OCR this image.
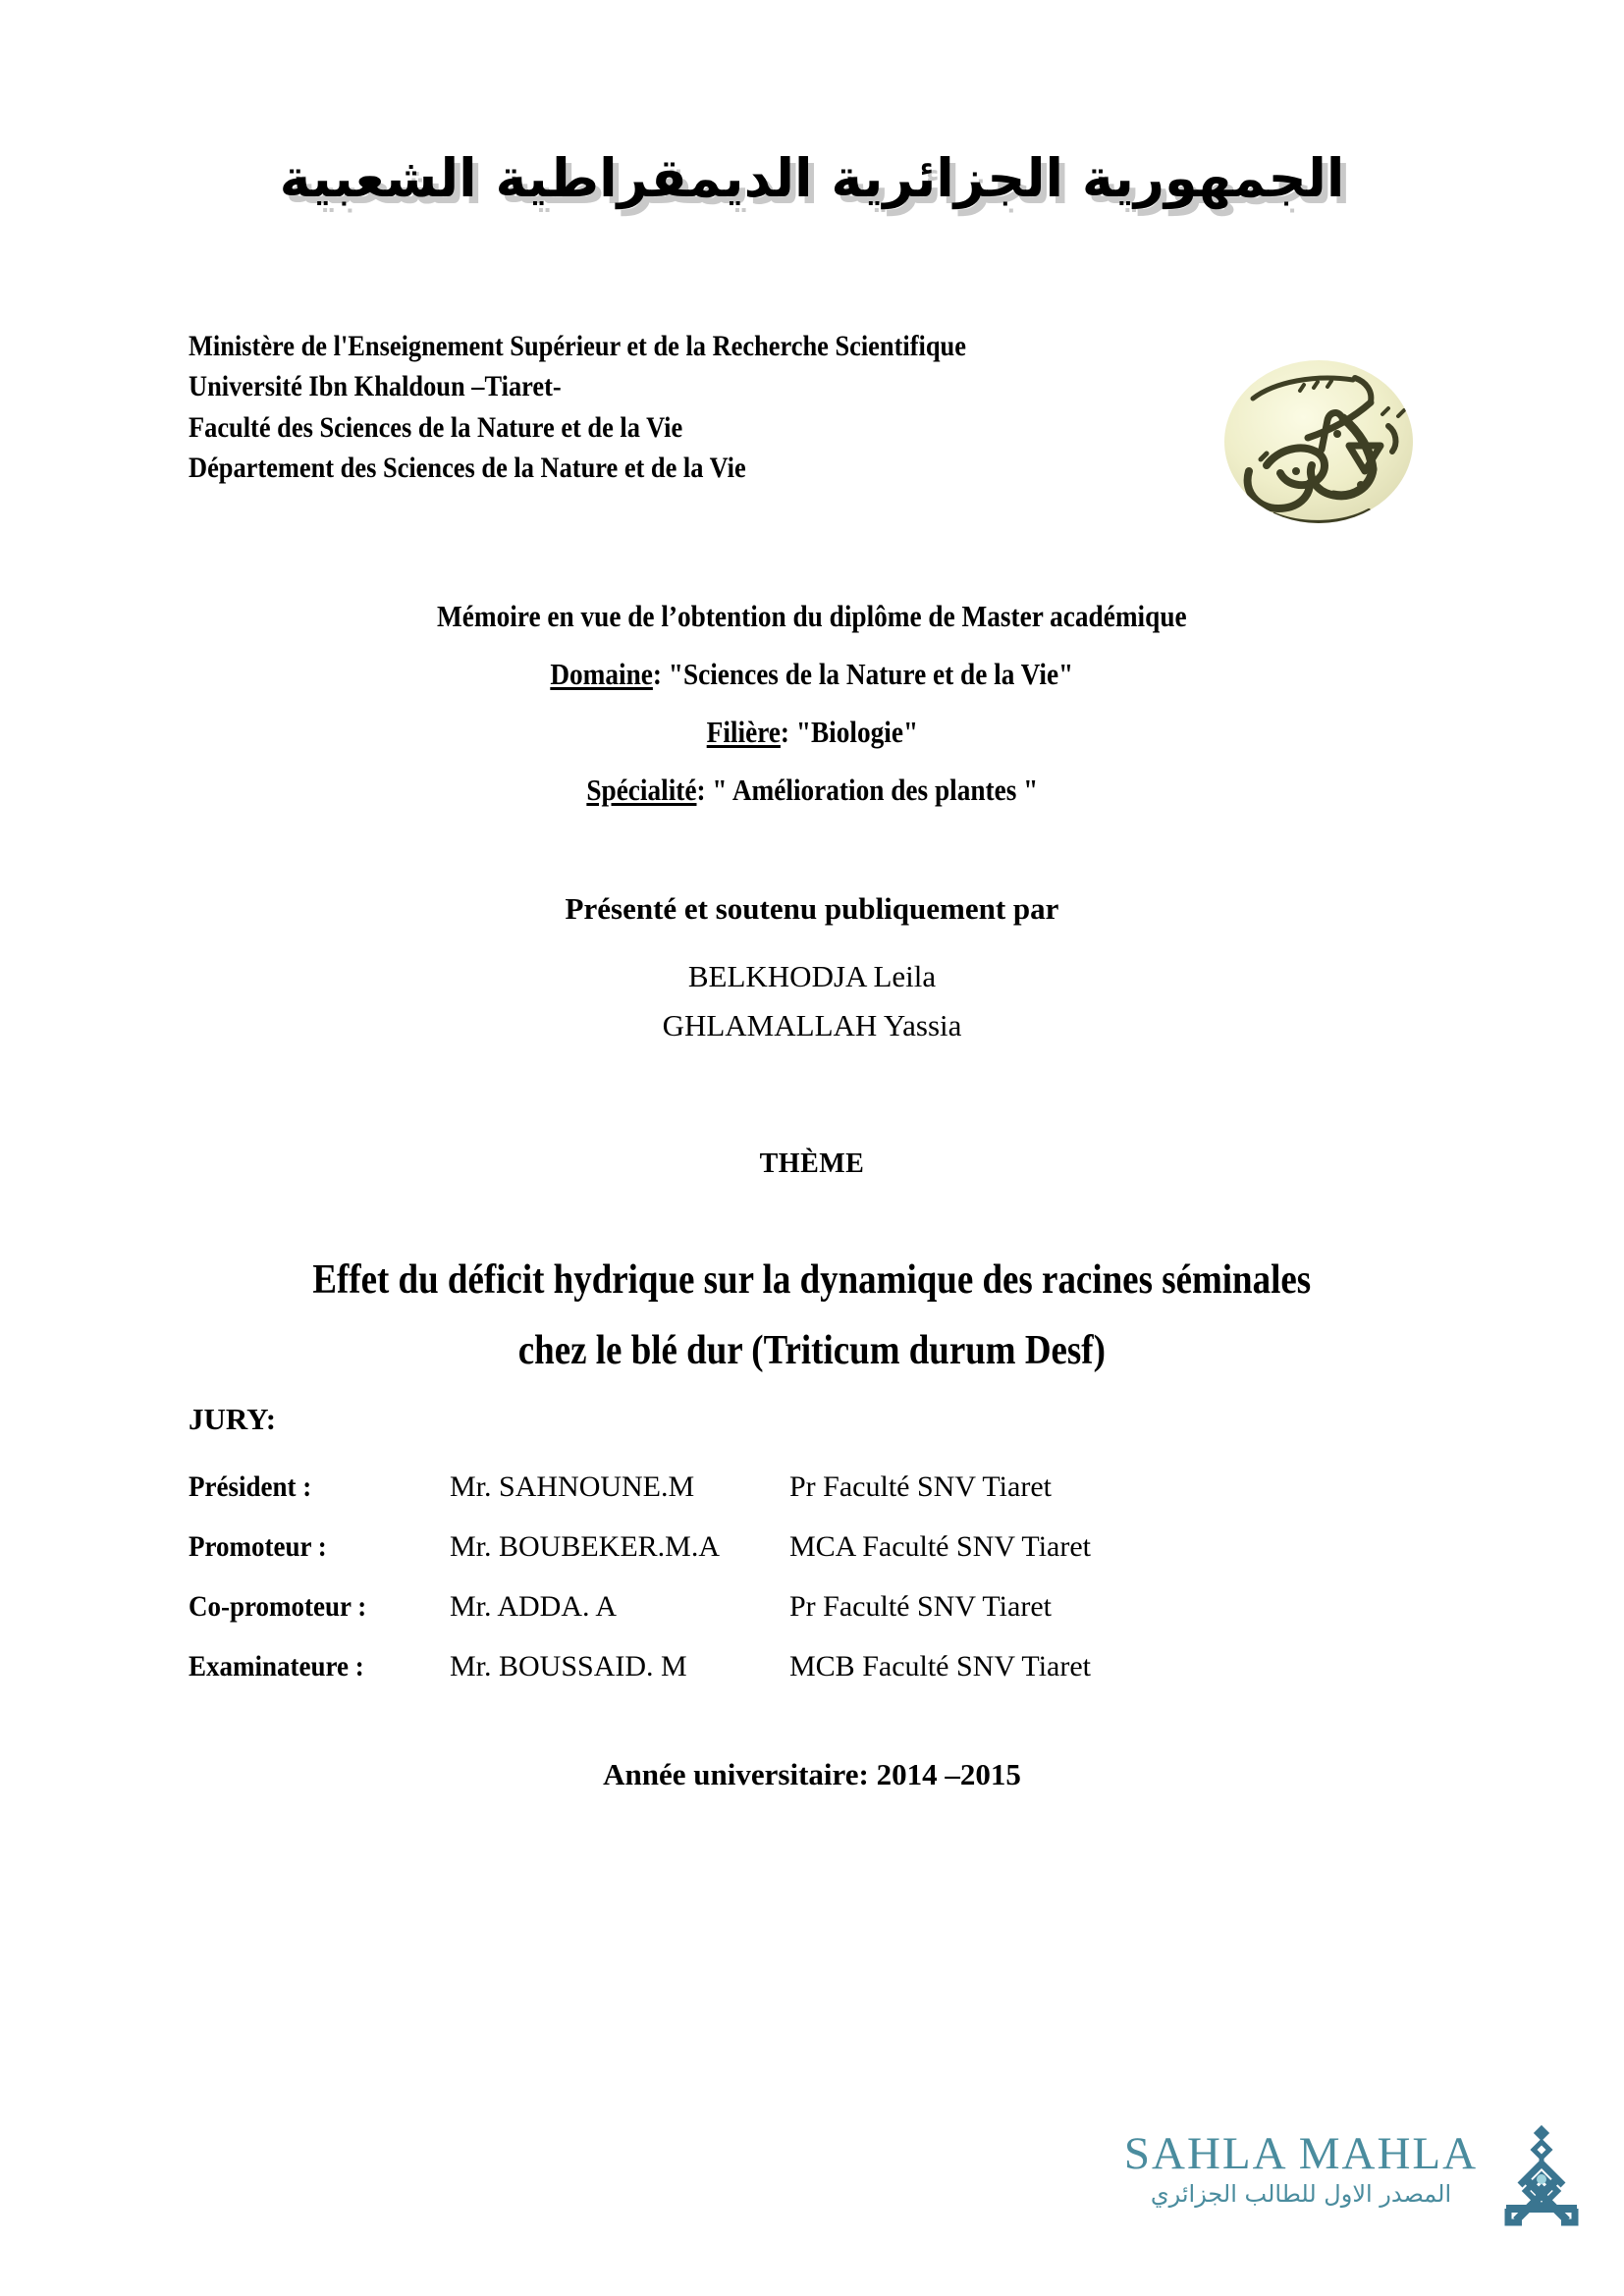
الجمهورية الجزائرية الديمقراطية الشعبية
Ministère de l'Enseignement Supérieur et de la Recherche Scientifique
Université Ibn Khaldoun –Tiaret-
Faculté des Sciences de la Nature et de la Vie
Département des Sciences de la Nature et de la Vie
Mémoire en vue de l’obtention du diplôme de Master académique
Domaine: "Sciences de la Nature et de la Vie"
Filière: "Biologie"
Spécialité: " Amélioration des plantes "
Présenté et soutenu publiquement par
BELKHODJA Leila
GHLAMALLAH Yassia
THÈME
Effet du déficit hydrique sur la dynamique des racines séminales
chez le blé dur (Triticum durum Desf)
JURY:
Président :	Mr. SAHNOUNE.M	Pr Faculté SNV Tiaret
Promoteur :	Mr. BOUBEKER.M.A	MCA Faculté SNV Tiaret
Co-promoteur :	Mr. ADDA. A	Pr Faculté SNV Tiaret
Examinateure :	Mr. BOUSSAID. M	MCB Faculté SNV Tiaret
Année universitaire: 2014 –2015
SAHLA MAHLA
المصدر الاول للطالب الجزائري
